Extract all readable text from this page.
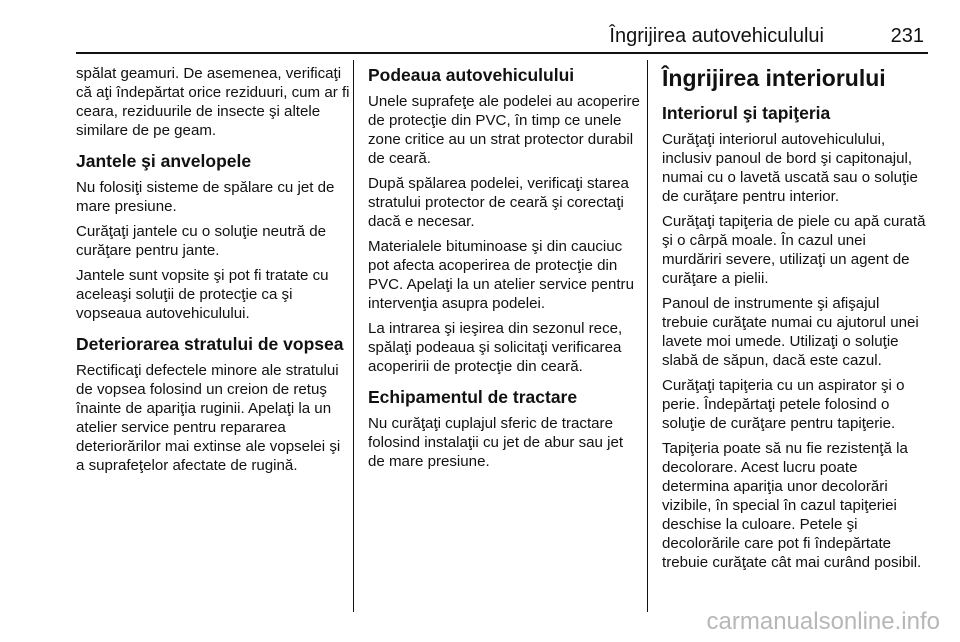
Îngrijirea autovehiculului	231

spălat geamuri. De asemenea, verificaţi că aţi îndepărtat orice reziduuri, cum ar fi ceara, reziduurile de insecte şi altele similare de pe geam.

Jantele şi anvelopele

Nu folosiţi sisteme de spălare cu jet de mare presiune.

Curăţaţi jantele cu o soluţie neutră de curăţare pentru jante.

Jantele sunt vopsite şi pot fi tratate cu aceleaşi soluţii de protecţie ca şi vopseaua autovehiculului.

Deteriorarea stratului de vopsea

Rectificaţi defectele minore ale stratului de vopsea folosind un creion de retuş înainte de apariţia ruginii. Apelaţi la un atelier service pentru repararea deteriorărilor mai extinse ale vopselei şi a suprafeţelor afectate de rugină.

Podeaua autovehiculului

Unele suprafeţe ale podelei au acoperire de protecţie din PVC, în timp ce unele zone critice au un strat protector durabil de ceară.

După spălarea podelei, verificaţi starea stratului protector de ceară şi corectaţi dacă e necesar.

Materialele bituminoase şi din cauciuc pot afecta acoperirea de protecţie din PVC. Apelaţi la un atelier service pentru intervenţia asupra podelei.

La intrarea şi ieşirea din sezonul rece, spălaţi podeaua şi solicitaţi verificarea acoperirii de protecţie din ceară.

Echipamentul de tractare

Nu curăţaţi cuplajul sferic de tractare folosind instalaţii cu jet de abur sau jet de mare presiune.

Îngrijirea interiorului
Interiorul şi tapiţeria

Curăţaţi interiorul autovehiculului, inclusiv panoul de bord şi capitonajul, numai cu o lavetă uscată sau o soluţie de curăţare pentru interior.

Curăţaţi tapiţeria de piele cu apă curată şi o cârpă moale. În cazul unei murdăriri severe, utilizaţi un agent de curăţare a pielii.

Panoul de instrumente şi afişajul trebuie curăţate numai cu ajutorul unei lavete moi umede. Utilizaţi o soluţie slabă de săpun, dacă este cazul.

Curăţaţi tapiţeria cu un aspirator şi o perie. Îndepărtaţi petele folosind o soluţie de curăţare pentru tapiţerie.

Tapiţeria poate să nu fie rezistenţă la decolorare. Acest lucru poate determina apariţia unor decolorări vizibile, în special în cazul tapiţeriei deschise la culoare. Petele şi decolorările care pot fi îndepărtate trebuie curăţate cât mai curând posibil.

carmanualsonline.info
